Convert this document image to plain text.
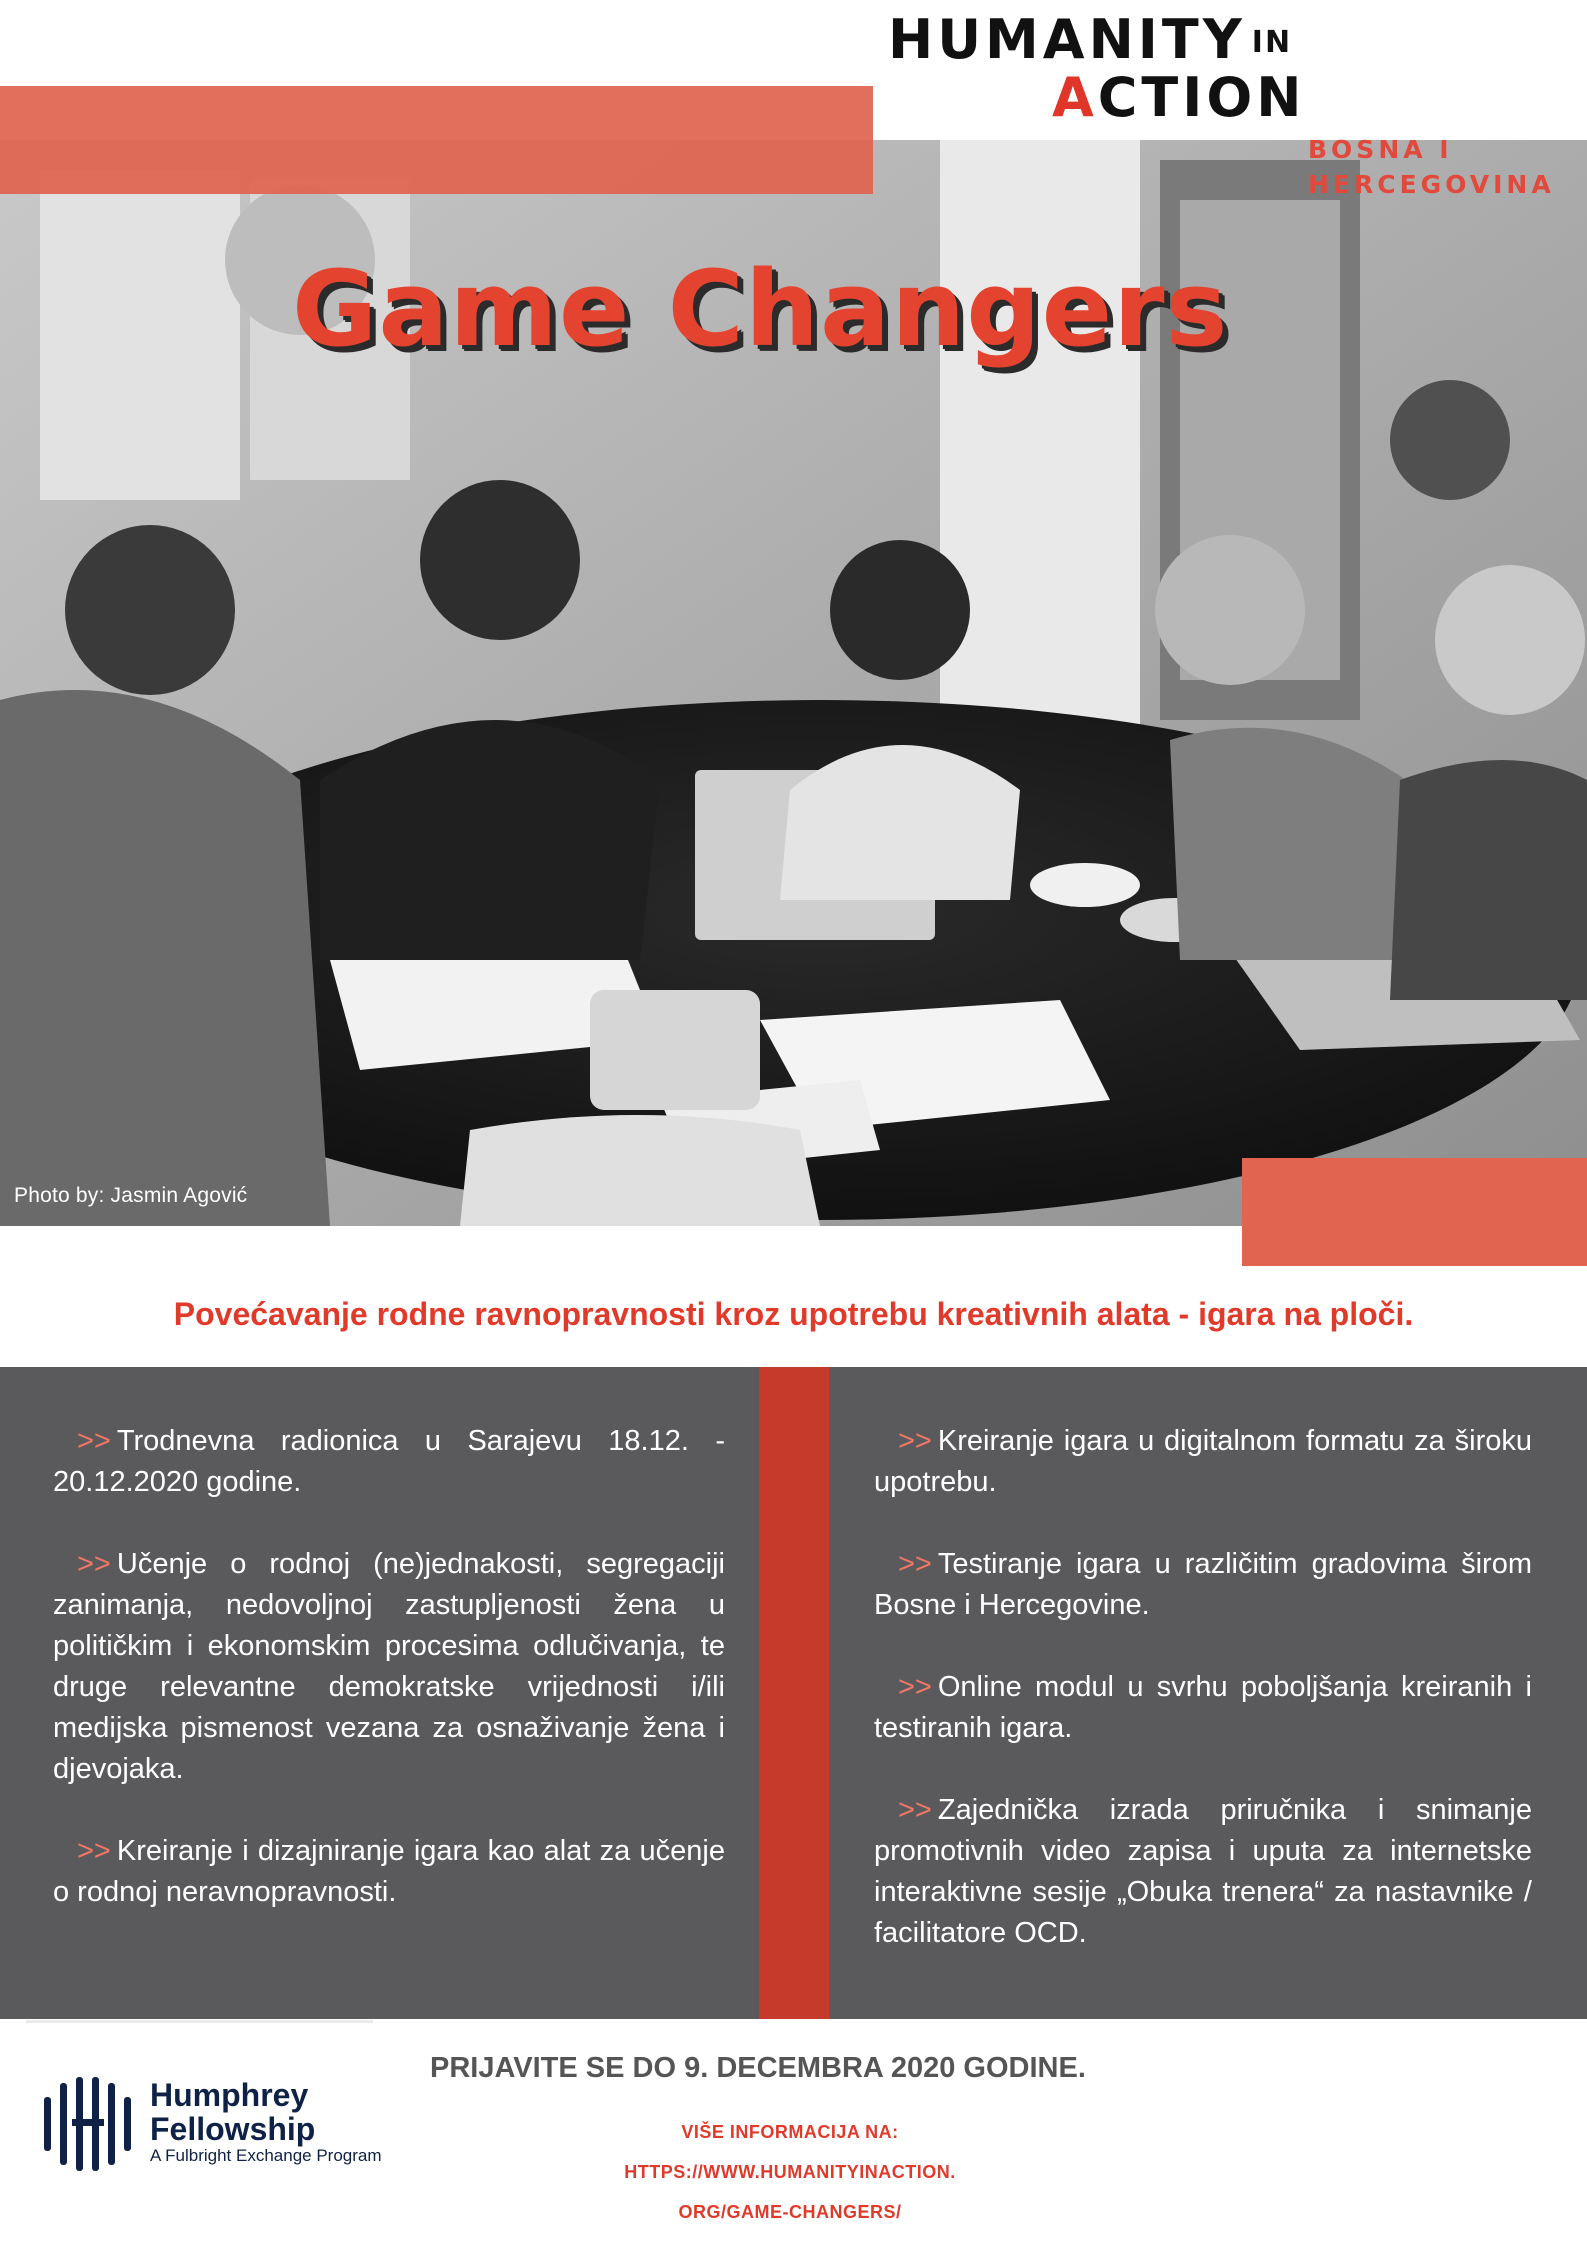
Photo by: Jasmin Agović
HUMANITY IN
ACTION
BOSNA I
HERCEGOVINA
Game Changers
Povećavanje rodne ravnopravnosti kroz upotrebu kreativnih alata - igara na ploči.

>> Trodnevna radionica u Sarajevu 18.12. - 20.12.2020 godine.

>> Učenje o rodnoj (ne)jednakosti, segregaciji zanimanja, nedovoljnoj zastupljenosti žena u političkim i ekonomskim procesima odlučivanja, te druge relevantne demokratske vrijednosti i/ili medijska pismenost vezana za osnaživanje žena i djevojaka.

>> Kreiranje i dizajniranje igara kao alat za učenje o rodnoj neravnopravnosti.

>> Kreiranje igara u digitalnom formatu za široku upotrebu.

>> Testiranje igara u različitim gradovima širom Bosne i Hercegovine.

>> Online modul u svrhu poboljšanja kreiranih i testiranih igara.

>> Zajednička izrada priručnika i snimanje promotivnih video zapisa i uputa za internetske interaktivne sesije „Obuka trenera“ za nastavnike / facilitatore OCD.

PRIJAVITE SE DO 9. DECEMBRA 2020 GODINE.
VIŠE INFORMACIJA NA:
HTTPS://WWW.HUMANITYINACTION.
ORG/GAME-CHANGERS/
Humphrey
Fellowship
A Fulbright Exchange Program
